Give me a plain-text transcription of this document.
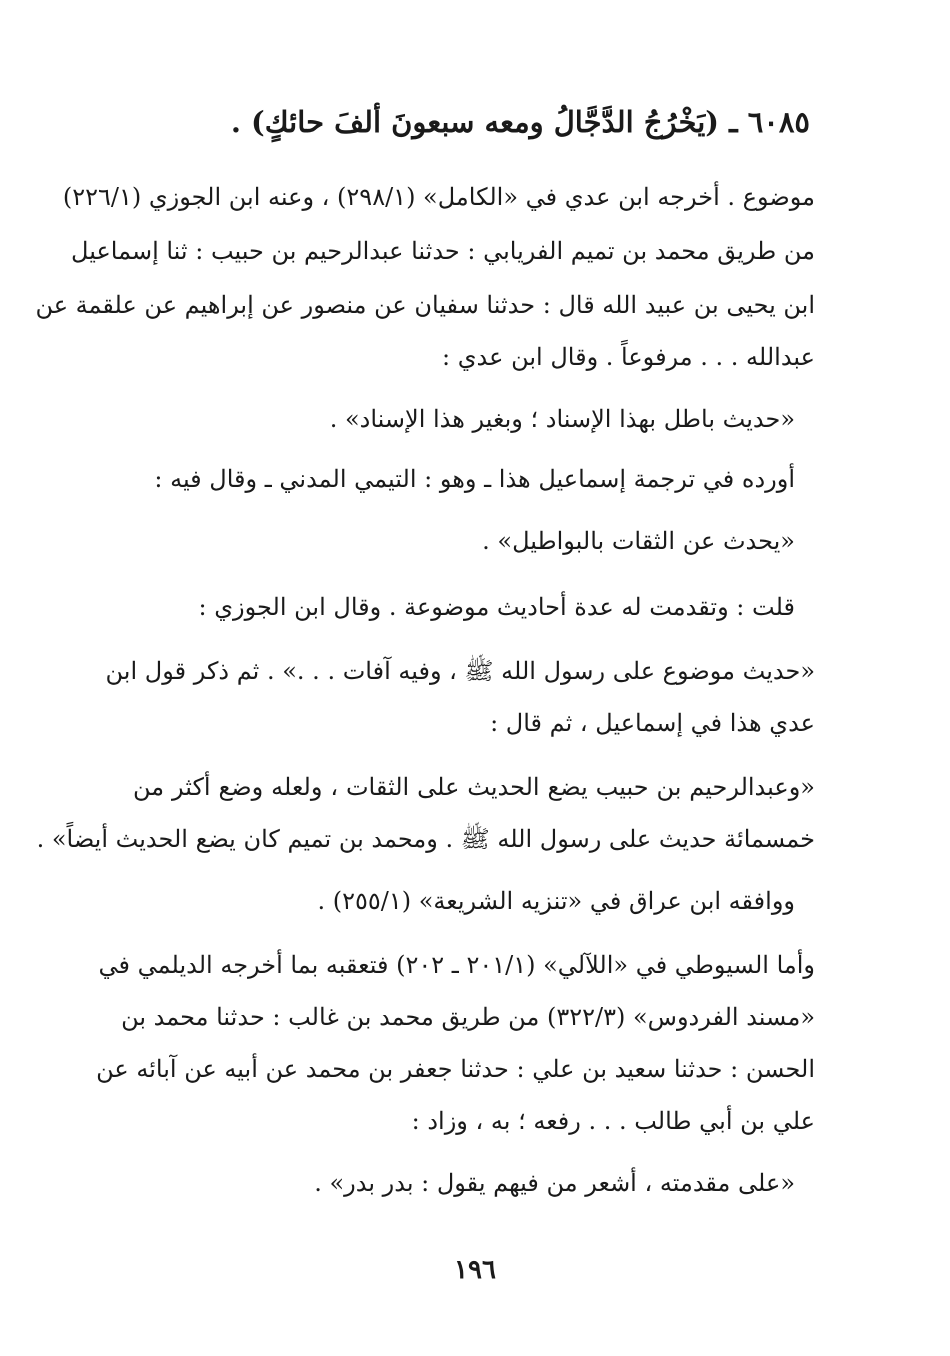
٦٠٨٥ ـ (يَخْرُجُ الدَّجَّالُ ومعه سبعونَ ألفَ حائكٍ) .
موضوع . أخرجه ابن عدي في «الكامل» (٢٩٨/١) ، وعنه ابن الجوزي (٢٢٦/١)
من طريق محمد بن تميم الفريابي : حدثنا عبدالرحيم بن حبيب : ثنا إسماعيل
ابن يحيى بن عبيد الله قال : حدثنا سفيان عن منصور عن إبراهيم عن علقمة عن
عبدالله . . . مرفوعاً . وقال ابن عدي :
«حديث باطل بهذا الإسناد ؛ وبغير هذا الإسناد» .
أورده في ترجمة إسماعيل هذا ـ وهو : التيمي المدني ـ وقال فيه :
«يحدث عن الثقات بالبواطيل» .
قلت : وتقدمت له عدة أحاديث موضوعة . وقال ابن الجوزي :
«حديث موضوع على رسول الله ﷺ ، وفيه آفات . . .» . ثم ذكر قول ابن
عدي هذا في إسماعيل ، ثم قال :
«وعبدالرحيم بن حبيب يضع الحديث على الثقات ، ولعله وضع أكثر من
خمسمائة حديث على رسول الله ﷺ . ومحمد بن تميم كان يضع الحديث أيضاً» .
ووافقه ابن عراق في «تنزيه الشريعة» (٢٥٥/١) .
وأما السيوطي في «اللآلي» (٢٠١/١ ـ ٢٠٢) فتعقبه بما أخرجه الديلمي في
«مسند الفردوس» (٣٢٢/٣) من طريق محمد بن غالب : حدثنا محمد بن
الحسن : حدثنا سعيد بن علي : حدثنا جعفر بن محمد عن أبيه عن آبائه عن
علي بن أبي طالب . . . رفعه ؛ به ، وزاد :
«على مقدمته ، أشعر من فيهم يقول : بدر بدر» .
١٩٦
